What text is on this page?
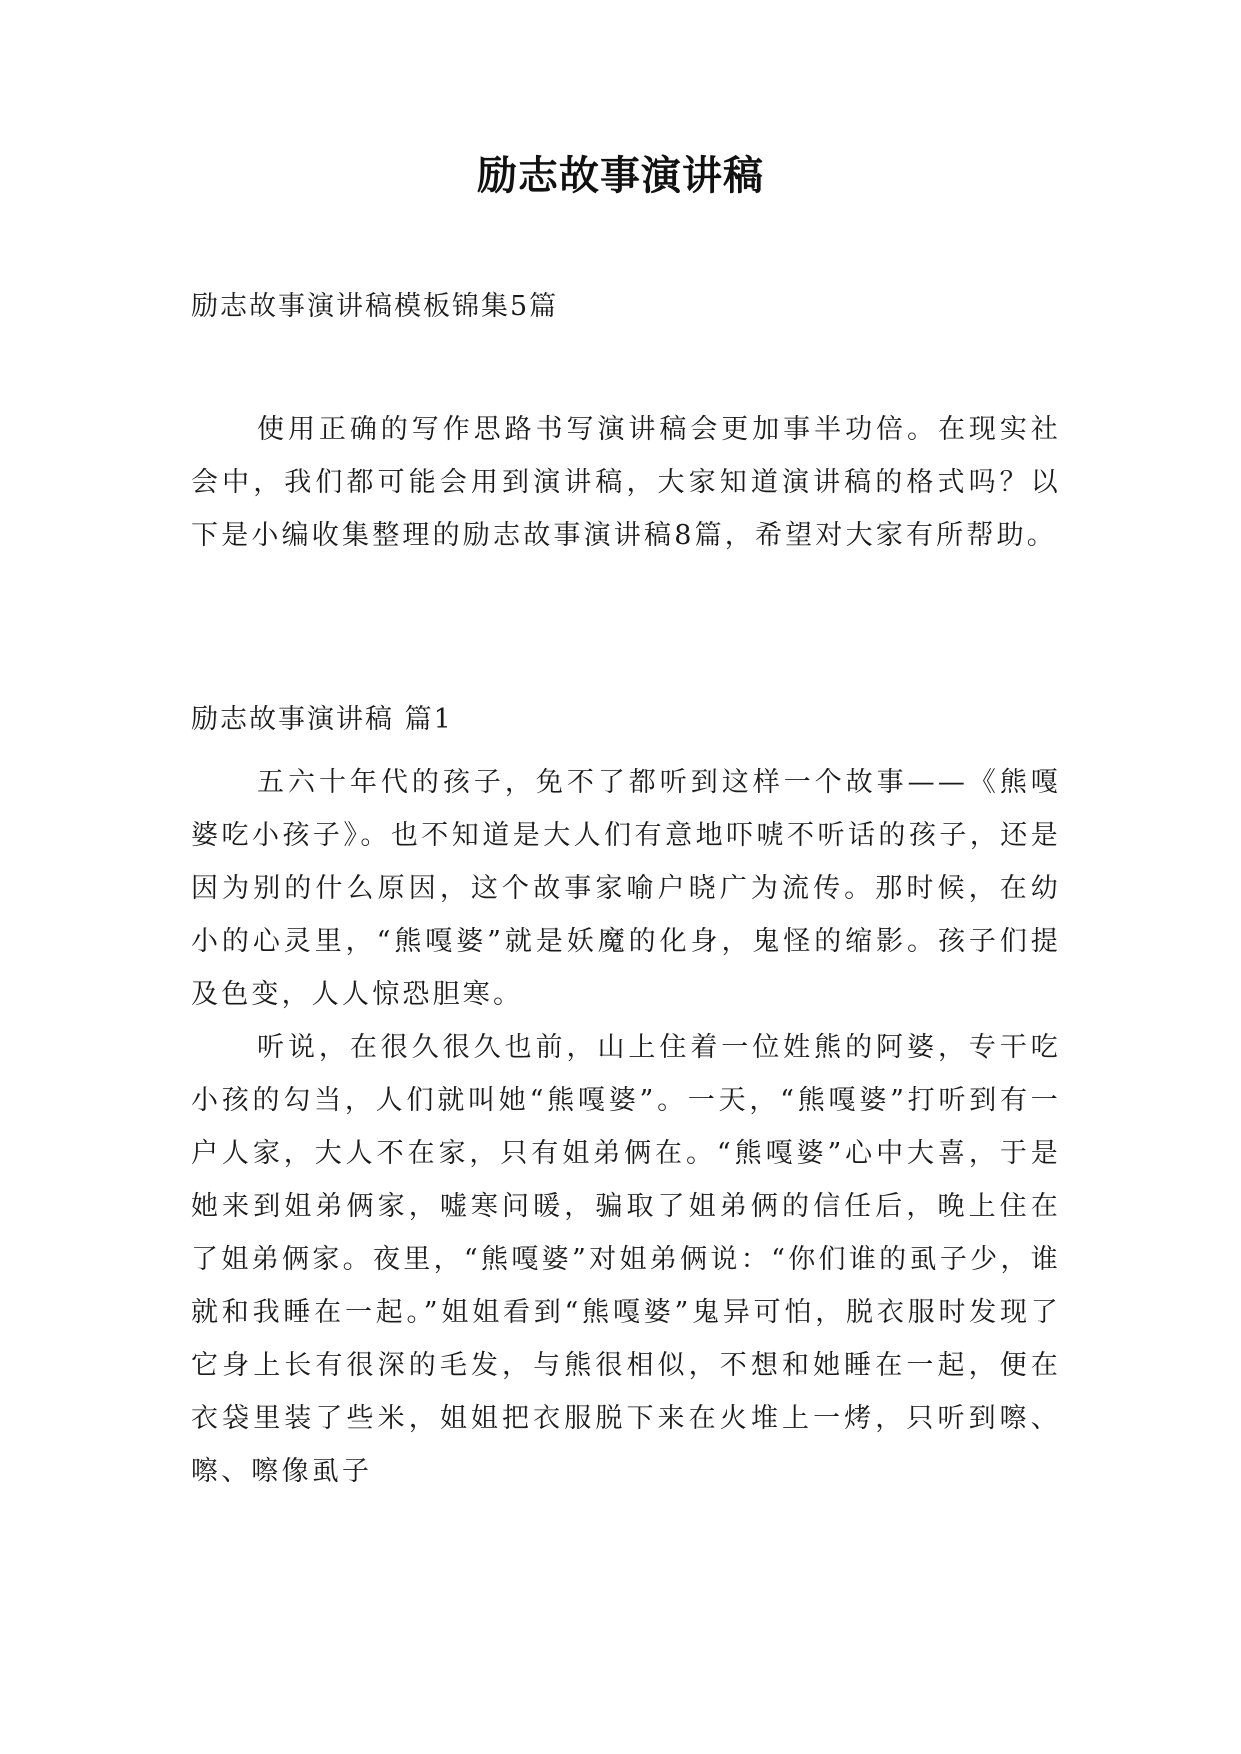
励志故事演讲稿
励志故事演讲稿模板锦集5篇

使用正确的写作思路书写演讲稿会更加事半功倍。在现实社会中，我们都可能会用到演讲稿，大家知道演讲稿的格式吗？以下是小编收集整理的励志故事演讲稿8篇，希望对大家有所帮助。

励志故事演讲稿 篇1

五六十年代的孩子，免不了都听到这样一个故事——《熊嘎婆吃小孩子》。也不知道是大人们有意地吓唬不听话的孩子，还是因为别的什么原因，这个故事家喻户晓广为流传。那时候，在幼小的心灵里，“熊嘎婆”就是妖魔的化身，鬼怪的缩影。孩子们提及色变，人人惊恐胆寒。

听说，在很久很久也前，山上住着一位姓熊的阿婆，专干吃小孩的勾当，人们就叫她“熊嘎婆”。一天，“熊嘎婆”打听到有一户人家，大人不在家，只有姐弟俩在。“熊嘎婆”心中大喜，于是她来到姐弟俩家，嘘寒问暖，骗取了姐弟俩的信任后，晚上住在了姐弟俩家。夜里，“熊嘎婆”对姐弟俩说：“你们谁的虱子少，谁就和我睡在一起。”姐姐看到“熊嘎婆”鬼异可怕，脱衣服时发现了它身上长有很深的毛发，与熊很相似，不想和她睡在一起，便在衣袋里装了些米，姐姐把衣服脱下来在火堆上一烤，只听到嚓、嚓、嚓像虱子
